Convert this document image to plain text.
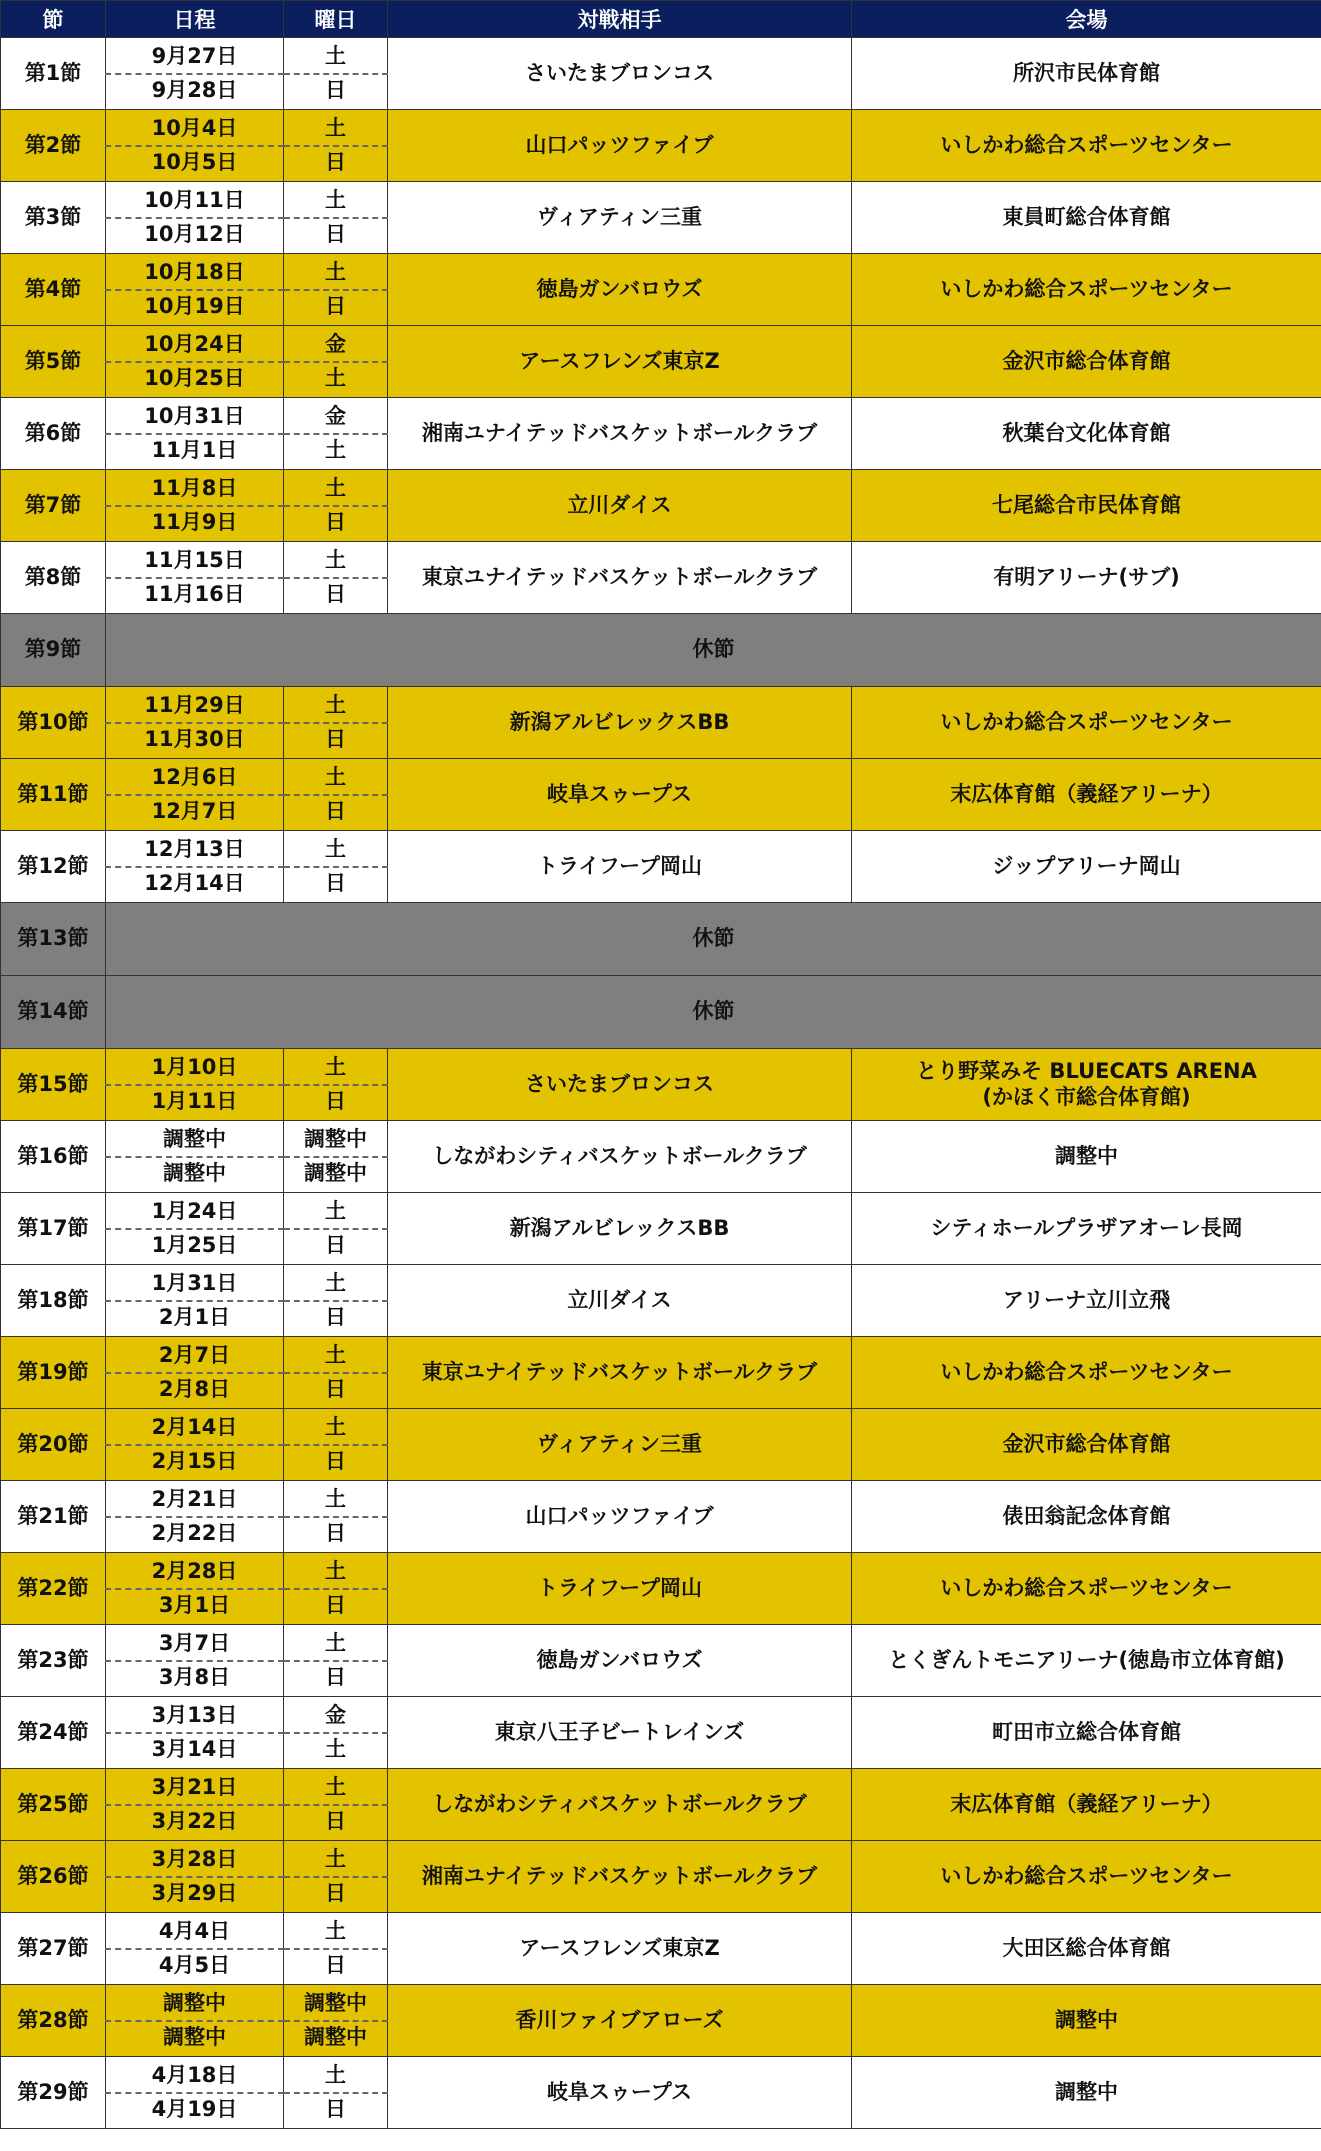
節	日程	曜日	対戦相手	会場
第1節	9月27日	土	さいたまブロンコス	所沢市民体育館

	9月28日	日		
第2節	10月4日	土	山口パッツファイブ	いしかわ総合スポーツセンター

	10月5日	日		
第3節	10月11日	土	ヴィアティン三重	東員町総合体育館

	10月12日	日		
第4節	10月18日	土	徳島ガンバロウズ	いしかわ総合スポーツセンター

	10月19日	日		
第5節	10月24日	金	アースフレンズ東京Z	金沢市総合体育館

	10月25日	土		
第6節	10月31日	金	湘南ユナイテッドバスケットボールクラブ	秋葉台文化体育館

	11月1日	土		
第7節	11月8日	土	立川ダイス	七尾総合市民体育館

	11月9日	日		
第8節	11月15日	土	東京ユナイテッドバスケットボールクラブ	有明アリーナ(サブ)

	11月16日	日		
第9節	休節			
第10節	11月29日	土	新潟アルビレックスBB	いしかわ総合スポーツセンター

	11月30日	日		
第11節	12月6日	土	岐阜スゥープス	末広体育館（義経アリーナ）

	12月7日	日		
第12節	12月13日	土	トライフープ岡山	ジップアリーナ岡山

	12月14日	日		
第13節	休節			
第14節	休節			
第15節	1月10日	土	さいたまブロンコス	とり野菜みそ BLUECATS ARENA
(かほく市総合体育館)

	1月11日	日		
第16節	調整中	調整中	しながわシティバスケットボールクラブ	調整中

	調整中	調整中		
第17節	1月24日	土	新潟アルビレックスBB	シティホールプラザアオーレ長岡

	1月25日	日		
第18節	1月31日	土	立川ダイス	アリーナ立川立飛

	2月1日	日		
第19節	2月7日	土	東京ユナイテッドバスケットボールクラブ	いしかわ総合スポーツセンター

	2月8日	日		
第20節	2月14日	土	ヴィアティン三重	金沢市総合体育館

	2月15日	日		
第21節	2月21日	土	山口パッツファイブ	俵田翁記念体育館

	2月22日	日		
第22節	2月28日	土	トライフープ岡山	いしかわ総合スポーツセンター

	3月1日	日		
第23節	3月7日	土	徳島ガンバロウズ	とくぎんトモニアリーナ(徳島市立体育館)

	3月8日	日		
第24節	3月13日	金	東京八王子ビートレインズ	町田市立総合体育館

	3月14日	土		
第25節	3月21日	土	しながわシティバスケットボールクラブ	末広体育館（義経アリーナ）

	3月22日	日		
第26節	3月28日	土	湘南ユナイテッドバスケットボールクラブ	いしかわ総合スポーツセンター

	3月29日	日		
第27節	4月4日	土	アースフレンズ東京Z	大田区総合体育館

	4月5日	日		
第28節	調整中	調整中	香川ファイブアローズ	調整中

	調整中	調整中		
第29節	4月18日	土	岐阜スゥープス	調整中

	4月19日	日		
